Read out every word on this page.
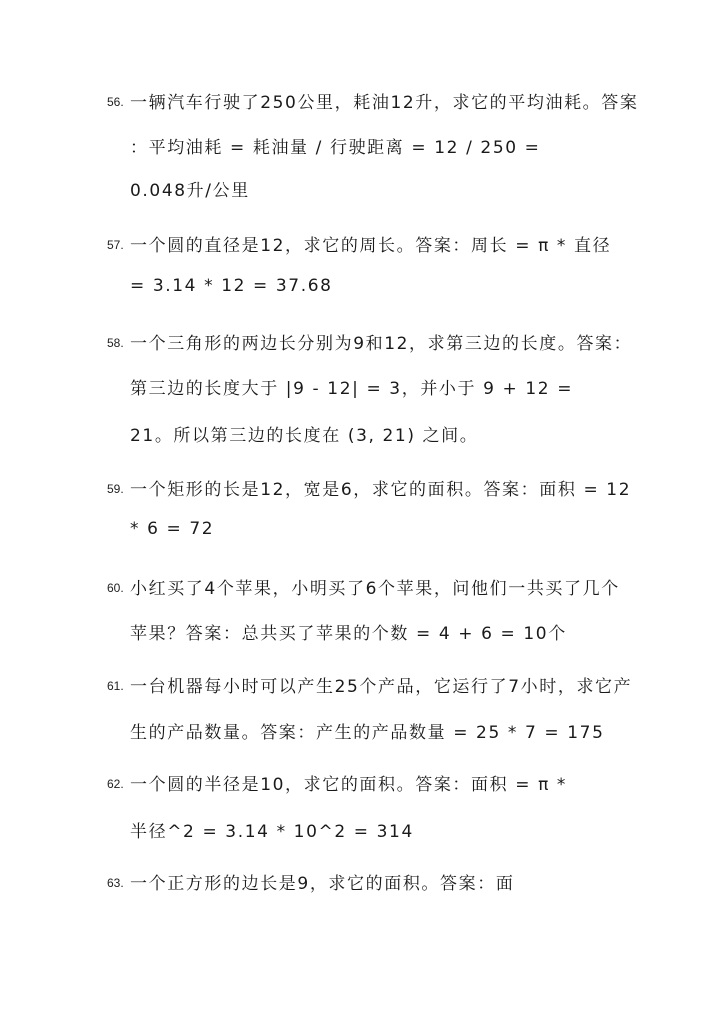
56. 一辆汽车行驶了250公里，耗油12升，求它的平均油耗。答案
：平均油耗 = 耗油量 / 行驶距离 = 12 / 250 =
0.048升/公里
57. 一个圆的直径是12，求它的周长。答案：周长 = π * 直径
= 3.14 * 12 = 37.68
58. 一个三角形的两边长分别为9和12，求第三边的长度。答案：
第三边的长度大于 |9 - 12| = 3，并小于 9 + 12 =
21。所以第三边的长度在 (3, 21) 之间。
59. 一个矩形的长是12，宽是6，求它的面积。答案：面积 = 12
* 6 = 72
60. 小红买了4个苹果，小明买了6个苹果，问他们一共买了几个
苹果？答案：总共买了苹果的个数 = 4 + 6 = 10个
61. 一台机器每小时可以产生25个产品，它运行了7小时，求它产
生的产品数量。答案：产生的产品数量 = 25 * 7 = 175
62. 一个圆的半径是10，求它的面积。答案：面积 = π *
半径^2 = 3.14 * 10^2 = 314
63. 一个正方形的边长是9，求它的面积。答案：面
